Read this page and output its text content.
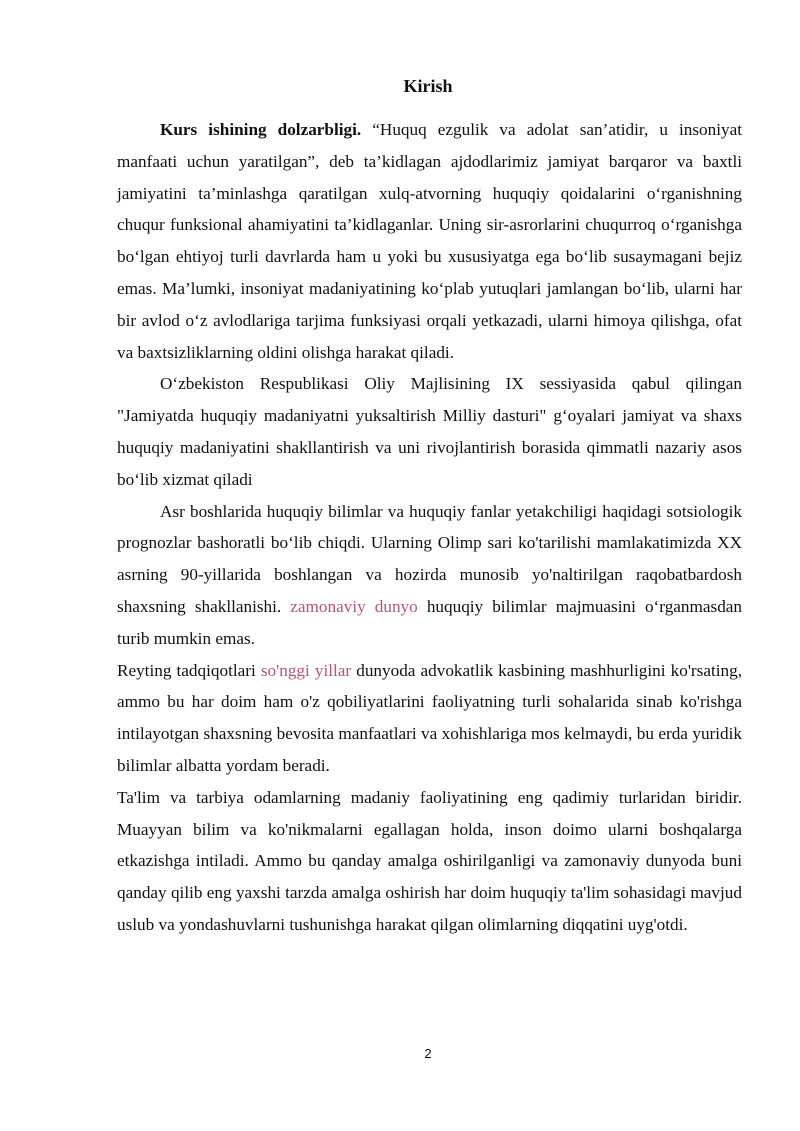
Kirish

Kurs ishining dolzarbligi. “Huquq ezgulik va adolat san’atidir, u insoniyat manfaati uchun yaratilgan”, deb ta’kidlagan ajdodlarimiz jamiyat barqaror va baxtli jamiyatini ta’minlashga qaratilgan xulq-atvorning huquqiy qoidalarini oʻrganishning chuqur funksional ahamiyatini ta’kidlaganlar. Uning sir-asrorlarini chuqurroq oʻrganishga boʻlgan ehtiyoj turli davrlarda ham u yoki bu xususiyatga ega boʻlib susaymagani bejiz emas. Ma’lumki, insoniyat madaniyatining koʻplab yutuqlari jamlangan boʻlib, ularni har bir avlod oʻz avlodlariga tarjima funksiyasi orqali yetkazadi, ularni himoya qilishga, ofat va baxtsizliklarning oldini olishga harakat qiladi.

Oʻzbekiston Respublikasi Oliy Majlisining IX sessiyasida qabul qilingan "Jamiyatda huquqiy madaniyatni yuksaltirish Milliy dasturi" gʻoyalari jamiyat va shaxs huquqiy madaniyatini shakllantirish va uni rivojlantirish borasida qimmatli nazariy asos boʻlib xizmat qiladi

Asr boshlarida huquqiy bilimlar va huquqiy fanlar yetakchiligi haqidagi sotsiologik prognozlar bashoratli boʻlib chiqdi. Ularning Olimp sari ko'tarilishi mamlakatimizda XX asrning 90-yillarida boshlangan va hozirda munosib yo'naltirilgan raqobatbardosh shaxsning shakllanishi. zamonaviy dunyo huquqiy bilimlar majmuasini oʻrganmasdan turib mumkin emas.

Reyting tadqiqotlari so'nggi yillar dunyoda advokatlik kasbining mashhurligini ko'rsating, ammo bu har doim ham o'z qobiliyatlarini faoliyatning turli sohalarida sinab ko'rishga intilayotgan shaxsning bevosita manfaatlari va xohishlariga mos kelmaydi, bu erda yuridik bilimlar albatta yordam beradi.

Ta'lim va tarbiya odamlarning madaniy faoliyatining eng qadimiy turlaridan biridir. Muayyan bilim va ko'nikmalarni egallagan holda, inson doimo ularni boshqalarga etkazishga intiladi. Ammo bu qanday amalga oshirilganligi va zamonaviy dunyoda buni qanday qilib eng yaxshi tarzda amalga oshirish har doim huquqiy ta'lim sohasidagi mavjud uslub va yondashuvlarni tushunishga harakat qilgan olimlarning diqqatini uyg'otdi.

2
